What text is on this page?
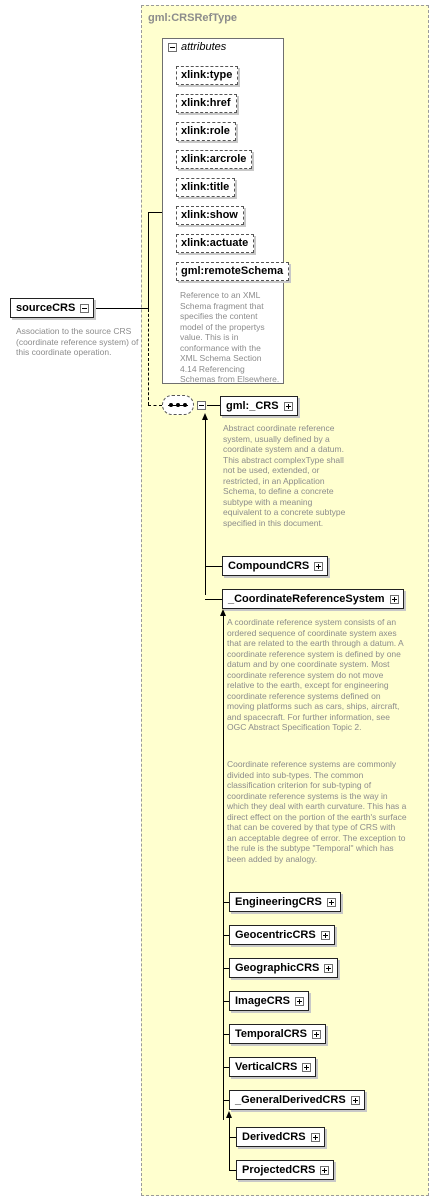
gml:CRSRefType
attributes
xlink:type
xlink:href
xlink:role
xlink:arcrole
xlink:title
xlink:show
xlink:actuate
gml:remoteSchema
Reference to an XML Schema fragment that specifies the content model of the propertys value. This is in conformance with the XML Schema Section 4.14 Referencing Schemas from Elsewhere.
sourceCRS
Association to the source CRS (coordinate reference system) of this coordinate operation.
gml:_CRS
Abstract coordinate reference system, usually defined by a coordinate system and a datum. This abstract complexType shall not be used, extended, or restricted, in an Application Schema, to define a concrete subtype with a meaning equivalent to a concrete subtype specified in this document.
CompoundCRS
_CoordinateReferenceSystem
A coordinate reference system consists of an ordered sequence of coordinate system axes that are related to the earth through a datum. A coordinate reference system is defined by one datum and by one coordinate system. Most coordinate reference system do not move relative to the earth, except for engineering coordinate reference systems defined on moving platforms such as cars, ships, aircraft, and spacecraft. For further information, see OGC Abstract Specification Topic 2.
Coordinate reference systems are commonly divided into sub-types. The common classification criterion for sub-typing of coordinate reference systems is the way in which they deal with earth curvature. This has a direct effect on the portion of the earth's surface that can be covered by that type of CRS with an acceptable degree of error. The exception to the rule is the subtype "Temporal" which has been added by analogy.
EngineeringCRS
GeocentricCRS
GeographicCRS
ImageCRS
TemporalCRS
VerticalCRS
_GeneralDerivedCRS
DerivedCRS
ProjectedCRS
